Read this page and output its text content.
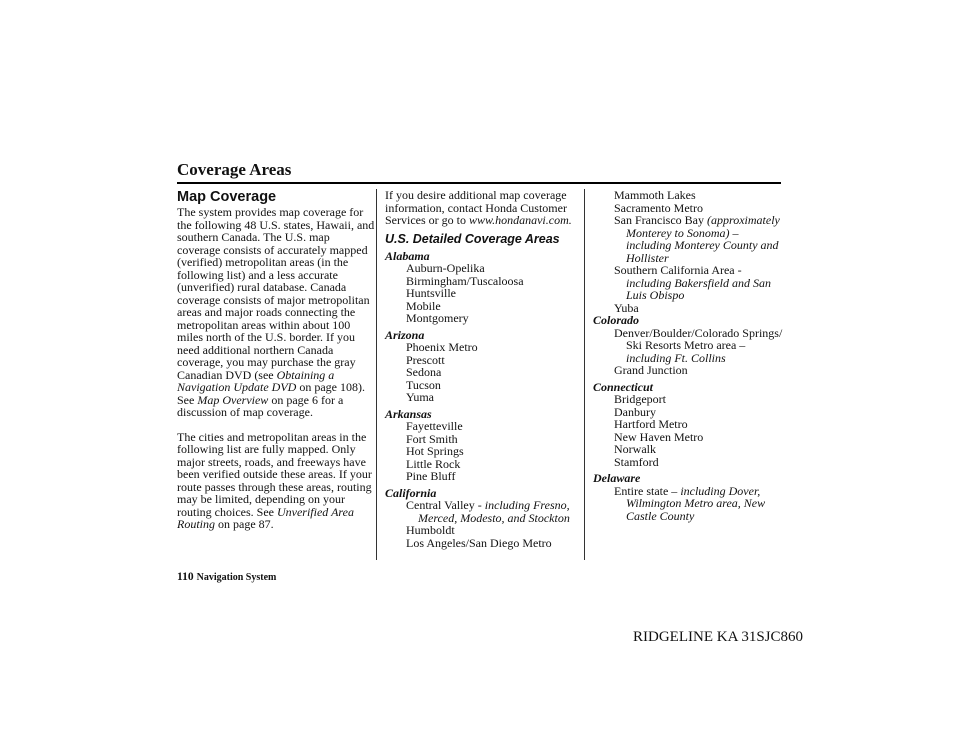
Coverage Areas
Map Coverage

The system provides map coverage for the following 48 U.S. states, Hawaii, and southern Canada. The U.S. map coverage consists of accurately mapped (verified) metropolitan areas (in the following list) and a less accurate (unverified) rural database. Canada coverage consists of major metropolitan areas and major roads connecting the metropolitan areas within about 100 miles north of the U.S. border. If you need additional northern Canada coverage, you may purchase the gray Canadian DVD (see Obtaining a Navigation Update DVD on page 108). See Map Overview on page 6 for a discussion of map coverage.

The cities and metropolitan areas in the following list are fully mapped. Only major streets, roads, and freeways have been verified outside these areas. If your route passes through these areas, routing may be limited, depending on your routing choices. See Unverified Area Routing on page 87.

If you desire additional map coverage information, contact Honda Customer Services or go to www.hondanavi.com.

U.S. Detailed Coverage Areas
Alabama
Auburn-Opelika
Birmingham/Tuscaloosa
Huntsville
Mobile
Montgomery
Arizona
Phoenix Metro
Prescott
Sedona
Tucson
Yuma
Arkansas
Fayetteville
Fort Smith
Hot Springs
Little Rock
Pine Bluff
California
Central Valley - including Fresno, Merced, Modesto, and Stockton
Humboldt
Los Angeles/San Diego Metro
Mammoth Lakes
Sacramento Metro
San Francisco Bay (approximately Monterey to Sonoma) – including Monterey County and Hollister
Southern California Area - including Bakersfield and San Luis Obispo
Yuba
Colorado
Denver/Boulder/Colorado Springs/ Ski Resorts Metro area – including Ft. Collins
Grand Junction
Connecticut
Bridgeport
Danbury
Hartford Metro
New Haven Metro
Norwalk
Stamford
Delaware
Entire state – including Dover, Wilmington Metro area, New Castle County
110 Navigation System
RIDGELINE KA 31SJC860
